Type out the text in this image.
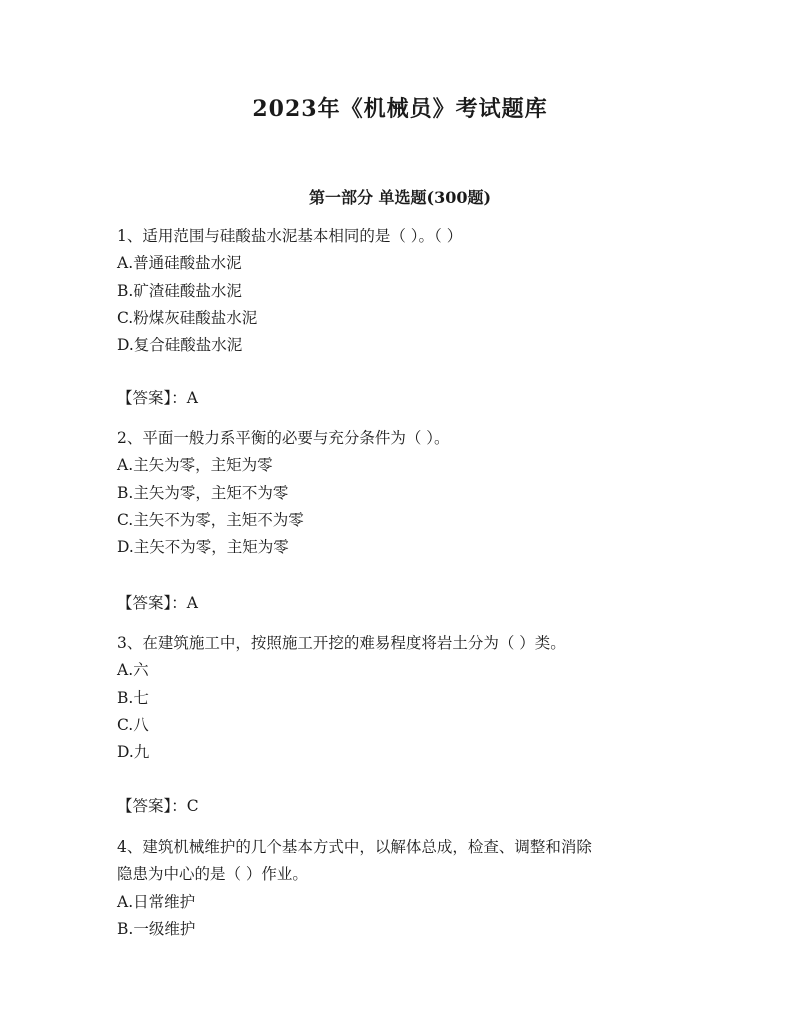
2023年《机械员》考试题库
第一部分 单选题(300题)
1、适用范围与硅酸盐水泥基本相同的是（ ）。（ ）
A.普通硅酸盐水泥
B.矿渣硅酸盐水泥
C.粉煤灰硅酸盐水泥
D.复合硅酸盐水泥
【答案】：A
2、平面一般力系平衡的必要与充分条件为（ ）。
A.主矢为零，主矩为零
B.主矢为零，主矩不为零
C.主矢不为零，主矩不为零
D.主矢不为零，主矩为零
【答案】：A
3、在建筑施工中，按照施工开挖的难易程度将岩土分为（ ）类。
A.六
B.七
C.八
D.九
【答案】：C
4、建筑机械维护的几个基本方式中，以解体总成，检查、调整和消除
隐患为中心的是（ ）作业。
A.日常维护
B.一级维护
